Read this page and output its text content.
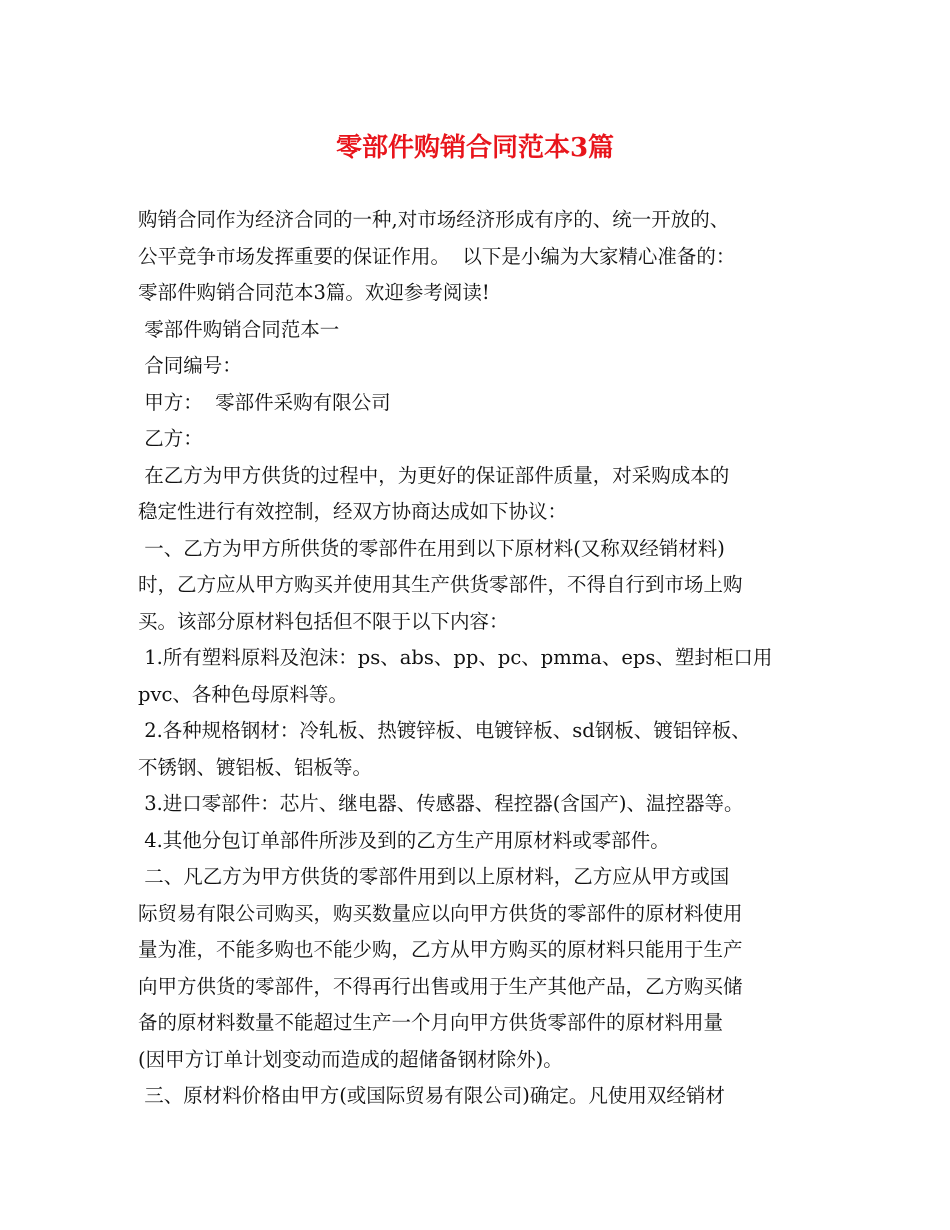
零部件购销合同范本3篇
购销合同作为经济合同的一种,对市场经济形成有序的、统一开放的、
公平竞争市场发挥重要的保证作用。  以下是小编为大家精心准备的：
零部件购销合同范本3篇。欢迎参考阅读!
零部件购销合同范本一
合同编号：
甲方：  零部件采购有限公司
乙方：
在乙方为甲方供货的过程中，为更好的保证部件质量，对采购成本的
稳定性进行有效控制，经双方协商达成如下协议：
一、乙方为甲方所供货的零部件在用到以下原材料(又称双经销材料)
时，乙方应从甲方购买并使用其生产供货零部件，不得自行到市场上购
买。该部分原材料包括但不限于以下内容：
1.所有塑料原料及泡沫：ps、abs、pp、pc、pmma、eps、塑封柜口用
pvc、各种色母原料等。
2.各种规格钢材：冷轧板、热镀锌板、电镀锌板、sd钢板、镀铝锌板、
不锈钢、镀铝板、铝板等。
3.进口零部件：芯片、继电器、传感器、程控器(含国产)、温控器等。
4.其他分包订单部件所涉及到的乙方生产用原材料或零部件。
二、凡乙方为甲方供货的零部件用到以上原材料，乙方应从甲方或国
际贸易有限公司购买，购买数量应以向甲方供货的零部件的原材料使用
量为准，不能多购也不能少购，乙方从甲方购买的原材料只能用于生产
向甲方供货的零部件，不得再行出售或用于生产其他产品，乙方购买储
备的原材料数量不能超过生产一个月向甲方供货零部件的原材料用量
(因甲方订单计划变动而造成的超储备钢材除外)。
三、原材料价格由甲方(或国际贸易有限公司)确定。凡使用双经销材
